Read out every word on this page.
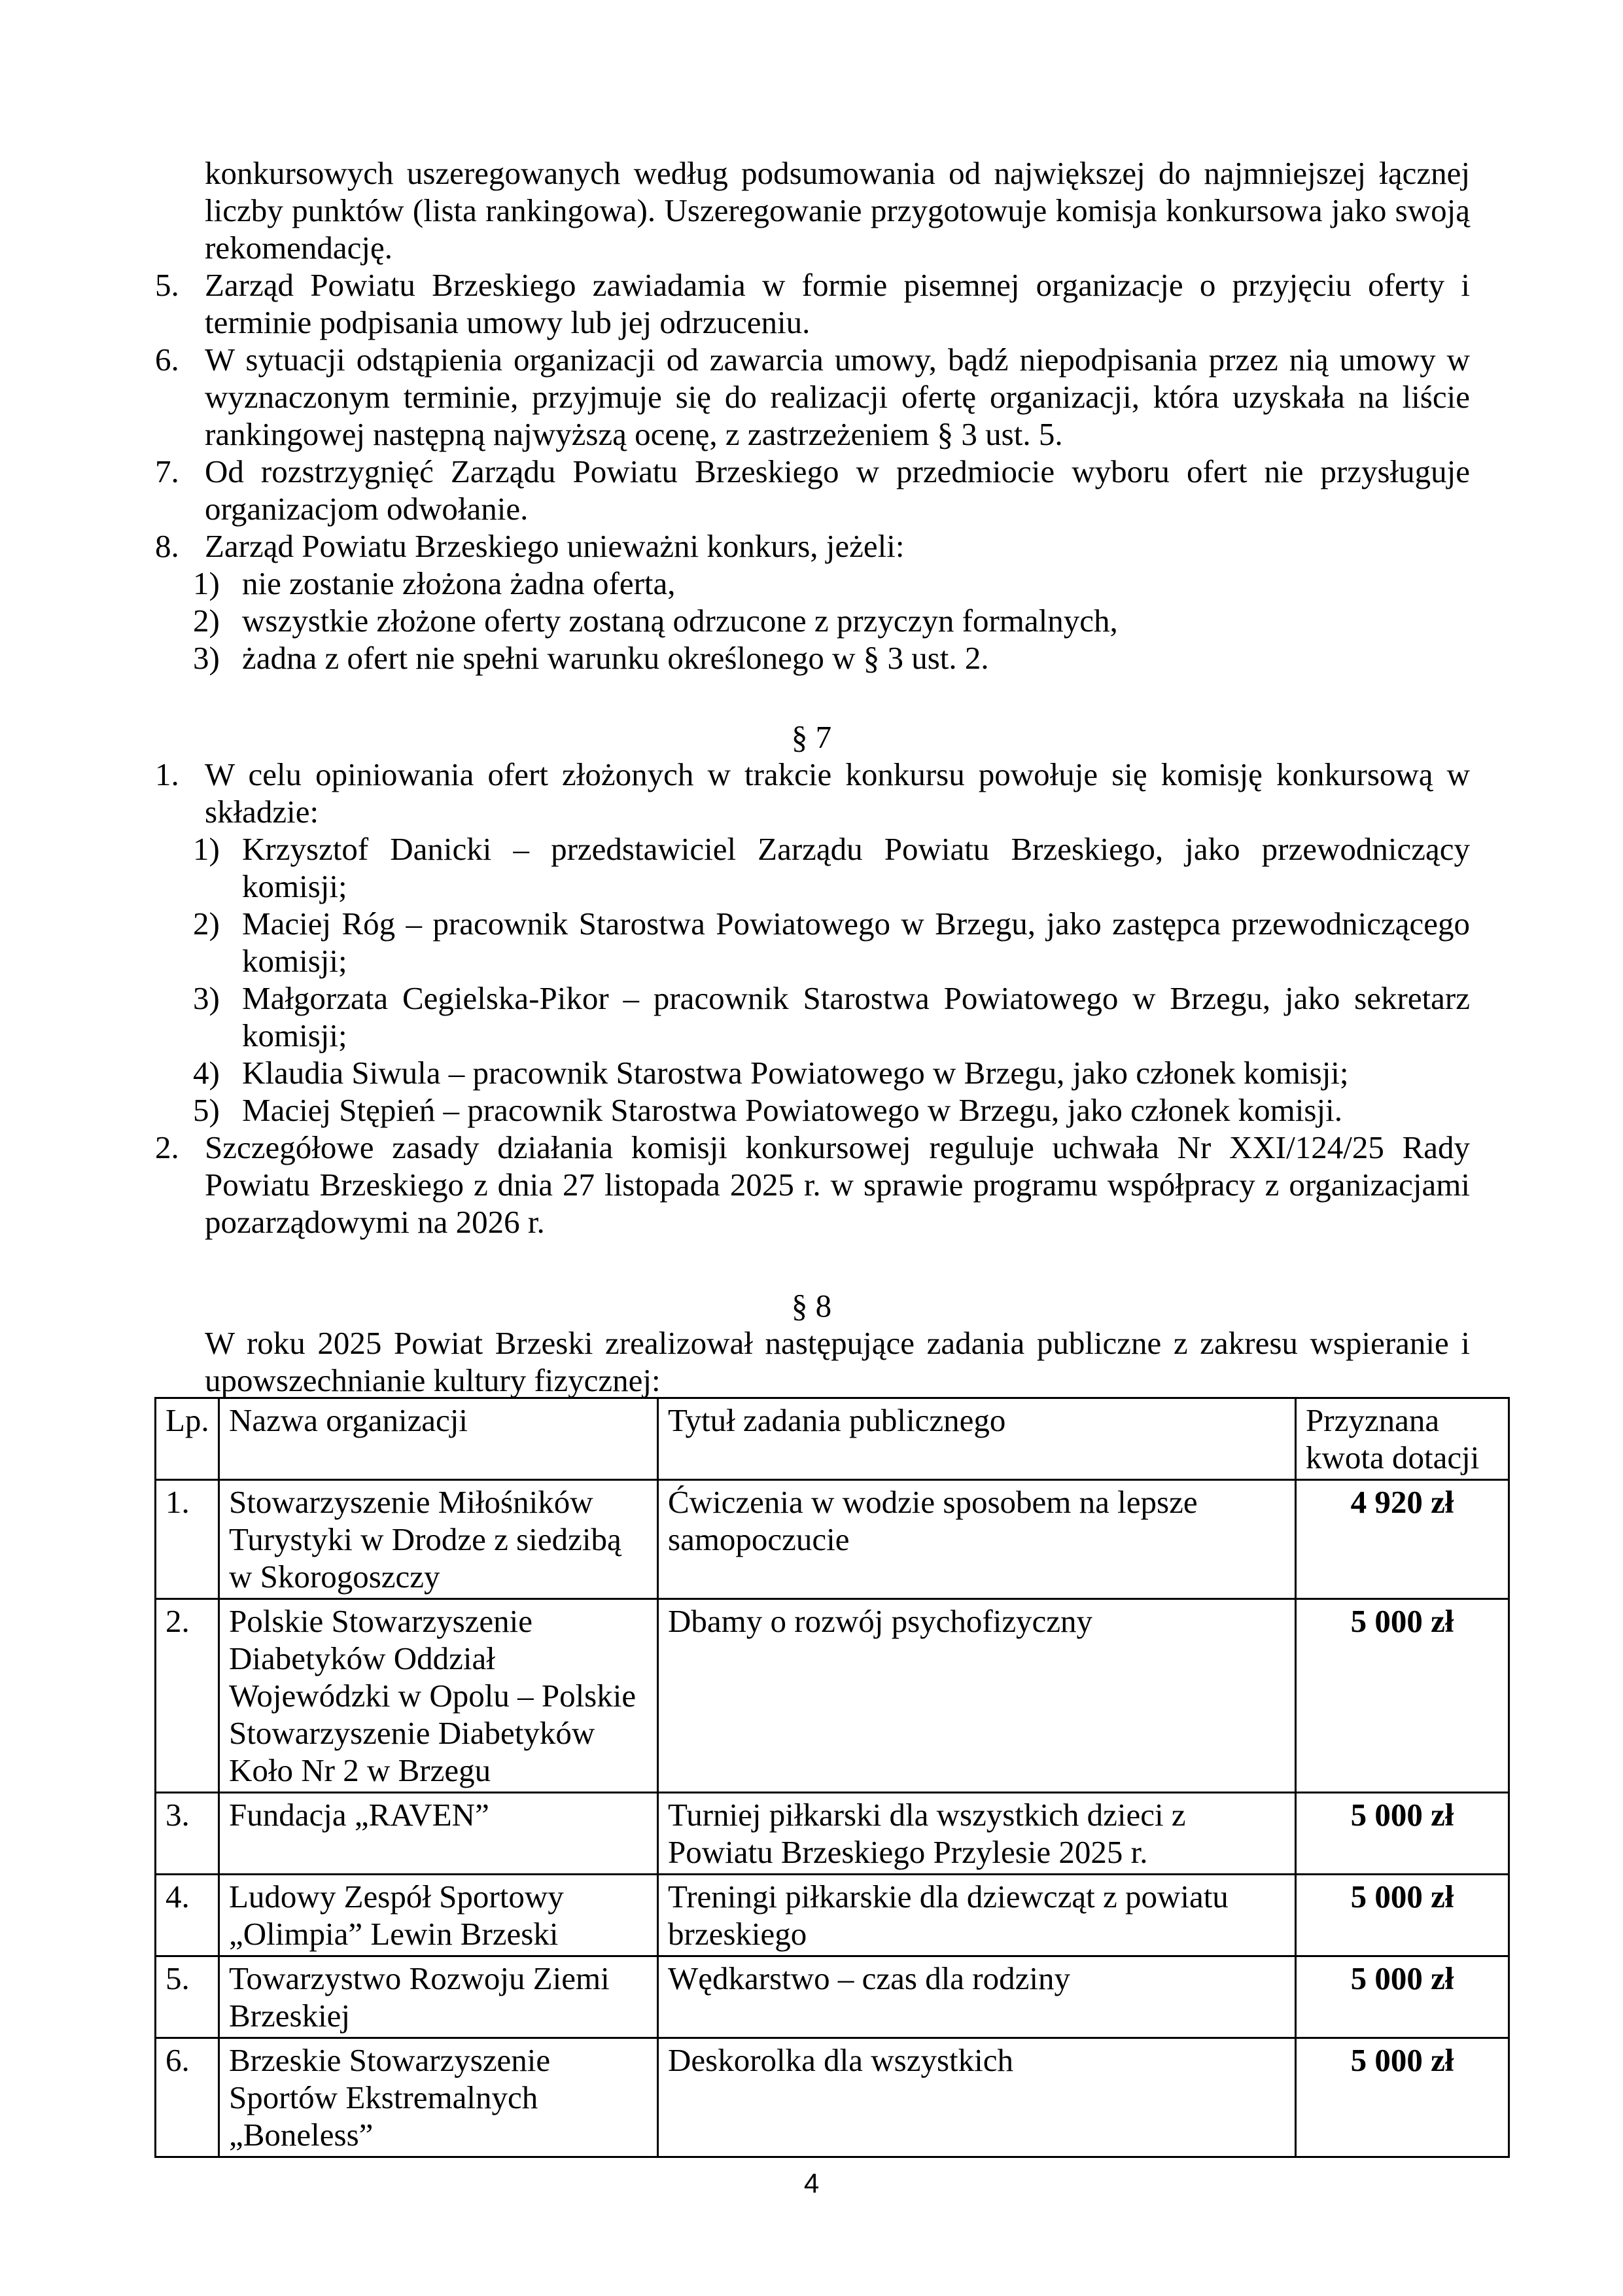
konkursowych uszeregowanych według podsumowania od największej do najmniejszej łącznej liczby punktów (lista rankingowa). Uszeregowanie przygotowuje komisja konkursowa jako swoją rekomendację.
5. Zarząd Powiatu Brzeskiego zawiadamia w formie pisemnej organizacje o przyjęciu oferty i terminie podpisania umowy lub jej odrzuceniu.
6. W sytuacji odstąpienia organizacji od zawarcia umowy, bądź niepodpisania przez nią umowy w wyznaczonym terminie, przyjmuje się do realizacji ofertę organizacji, która uzyskała na liście rankingowej następną najwyższą ocenę, z zastrzeżeniem § 3 ust. 5.
7. Od rozstrzygnięć Zarządu Powiatu Brzeskiego w przedmiocie wyboru ofert nie przysługuje organizacjom odwołanie.
8. Zarząd Powiatu Brzeskiego unieważni konkurs, jeżeli:
1) nie zostanie złożona żadna oferta,
2) wszystkie złożone oferty zostaną odrzucone z przyczyn formalnych,
3) żadna z ofert nie spełni warunku określonego w § 3 ust. 2.
§ 7
1. W celu opiniowania ofert złożonych w trakcie konkursu powołuje się komisję konkursową w składzie:
1) Krzysztof Danicki – przedstawiciel Zarządu Powiatu Brzeskiego, jako przewodniczący komisji;
2) Maciej Róg – pracownik Starostwa Powiatowego w Brzegu, jako zastępca przewodniczącego komisji;
3) Małgorzata Cegielska-Pikor – pracownik Starostwa Powiatowego w Brzegu, jako sekretarz komisji;
4) Klaudia Siwula – pracownik Starostwa Powiatowego w Brzegu, jako członek komisji;
5) Maciej Stępień – pracownik Starostwa Powiatowego w Brzegu, jako członek komisji.
2. Szczegółowe zasady działania komisji konkursowej reguluje uchwała Nr XXI/124/25 Rady Powiatu Brzeskiego z dnia 27 listopada 2025 r. w sprawie programu współpracy z organizacjami pozarządowymi na 2026 r.
§ 8
W roku 2025 Powiat Brzeski zrealizował następujące zadania publiczne z zakresu wspieranie i upowszechnianie kultury fizycznej:
Lp.	Nazwa organizacji	Tytuł zadania publicznego	Przyznana kwota dotacji
1.	Stowarzyszenie Miłośników Turystyki w Drodze z siedzibą w Skorogoszczy	Ćwiczenia w wodzie sposobem na lepsze samopoczucie	4 920 zł
2.	Polskie Stowarzyszenie Diabetyków Oddział Wojewódzki w Opolu – Polskie Stowarzyszenie Diabetyków Koło Nr 2 w Brzegu	Dbamy o rozwój psychofizyczny	5 000 zł
3.	Fundacja „RAVEN”	Turniej piłkarski dla wszystkich dzieci z Powiatu Brzeskiego Przylesie 2025 r.	5 000 zł
4.	Ludowy Zespół Sportowy „Olimpia” Lewin Brzeski	Treningi piłkarskie dla dziewcząt z powiatu brzeskiego	5 000 zł
5.	Towarzystwo Rozwoju Ziemi Brzeskiej	Wędkarstwo – czas dla rodziny	5 000 zł
6.	Brzeskie Stowarzyszenie Sportów Ekstremalnych „Boneless”	Deskorolka dla wszystkich	5 000 zł
4
